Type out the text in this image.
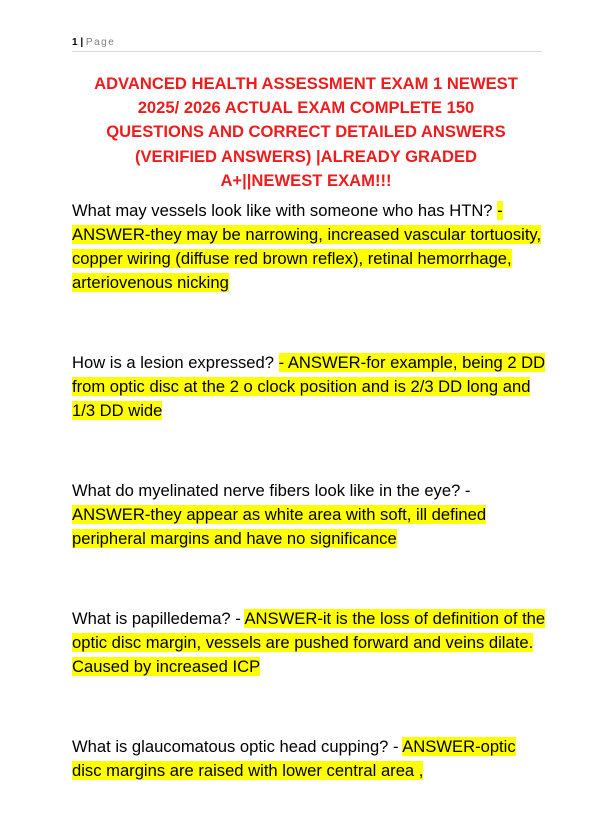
1 | Page
ADVANCED HEALTH ASSESSMENT EXAM 1 NEWEST
2025/ 2026 ACTUAL EXAM COMPLETE 150
QUESTIONS AND CORRECT DETAILED ANSWERS
(VERIFIED ANSWERS) |ALREADY GRADED
A+||NEWEST EXAM!!!

What may vessels look like with someone who has HTN? - ANSWER-they may be narrowing, increased vascular tortuosity, copper wiring (diffuse red brown reflex), retinal hemorrhage, arteriovenous nicking

How is a lesion expressed? - ANSWER-for example, being 2 DD from optic disc at the 2 o clock position and is 2/3 DD long and 1/3 DD wide

What do myelinated nerve fibers look like in the eye? - ANSWER-they appear as white area with soft, ill defined peripheral margins and have no significance

What is papilledema? - ANSWER-it is the loss of definition of the optic disc margin, vessels are pushed forward and veins dilate. Caused by increased ICP

What is glaucomatous optic head cupping? - ANSWER-optic disc margins are raised with lower central area ,
